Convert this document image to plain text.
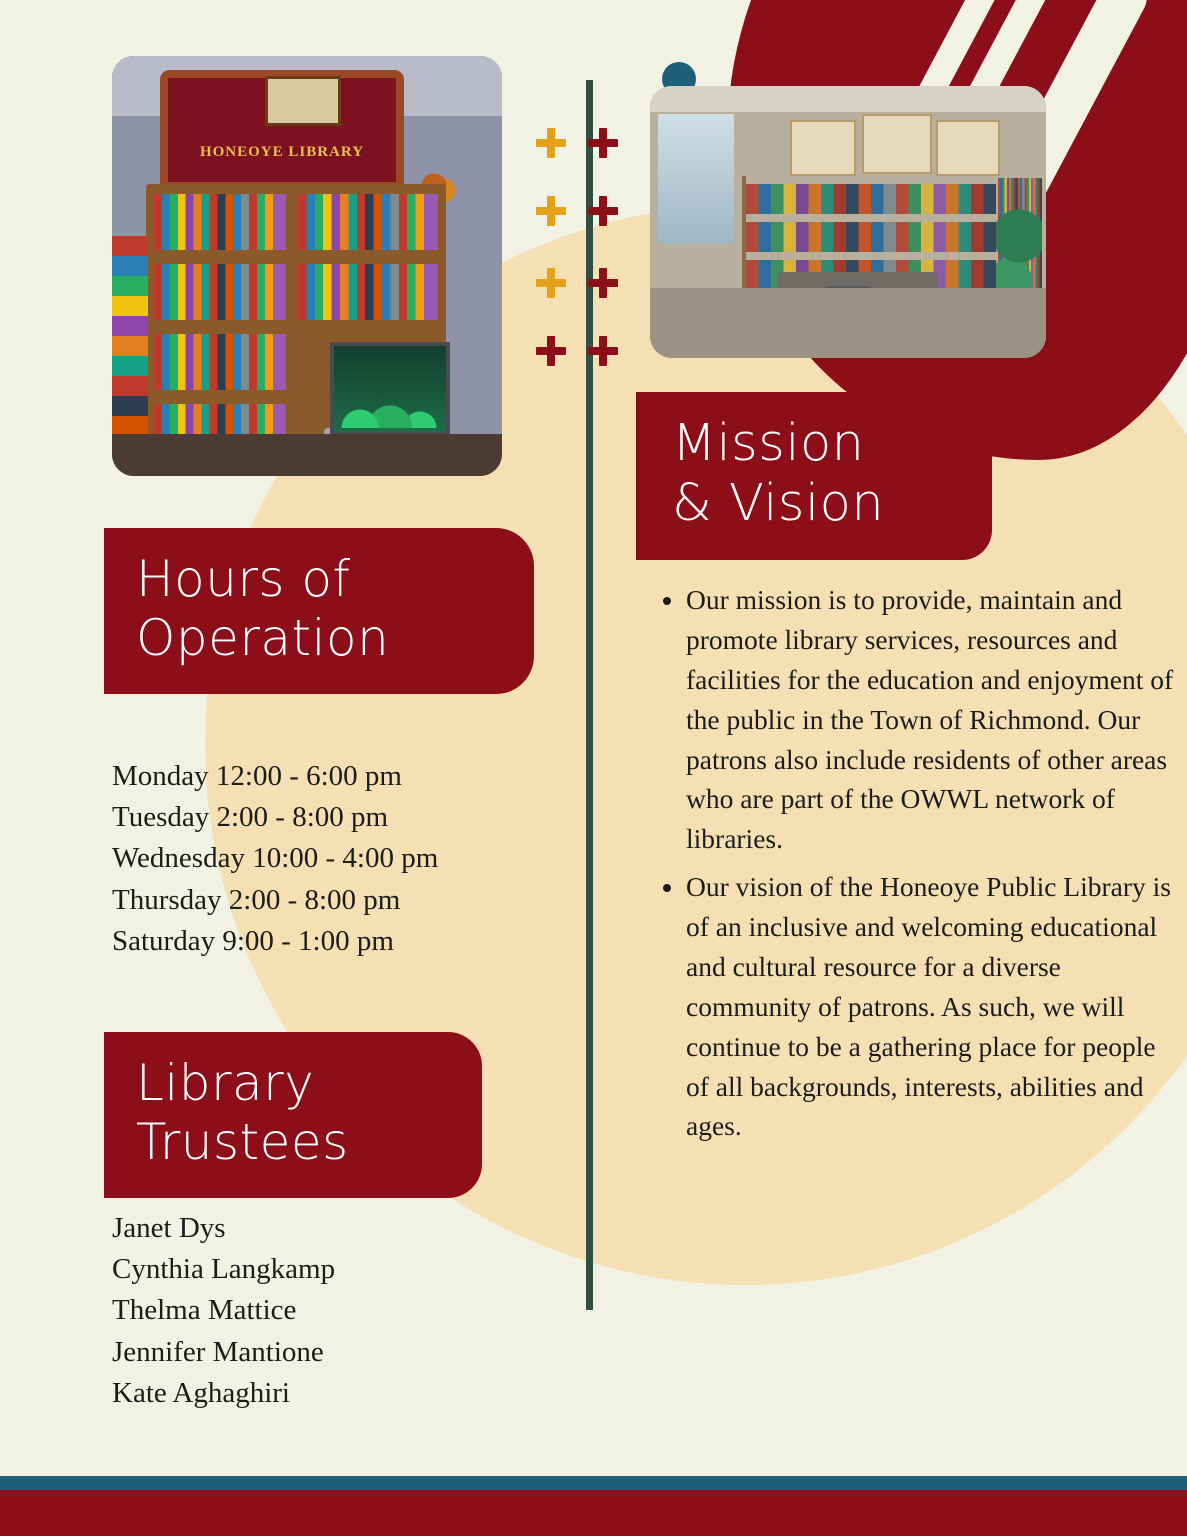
HONEOYE LIBRARY
Mission
& Vision
• Our mission is to provide, maintain and promote library services, resources and facilities for the education and enjoyment of the public in the Town of Richmond. Our patrons also include residents of other areas who are part of the OWWL network of libraries.
• Our vision of the Honeoye Public Library is of an inclusive and welcoming educational and cultural resource for a diverse community of patrons. As such, we will continue to be a gathering place for people of all backgrounds, interests, abilities and ages.
Hours of
Operation
Monday 12:00 - 6:00 pm
Tuesday 2:00 - 8:00 pm
Wednesday 10:00 - 4:00 pm
Thursday 2:00 - 8:00 pm
Saturday 9:00 - 1:00 pm
Library
Trustees
Janet Dys
Cynthia Langkamp
Thelma Mattice
Jennifer Mantione
Kate Aghaghiri
